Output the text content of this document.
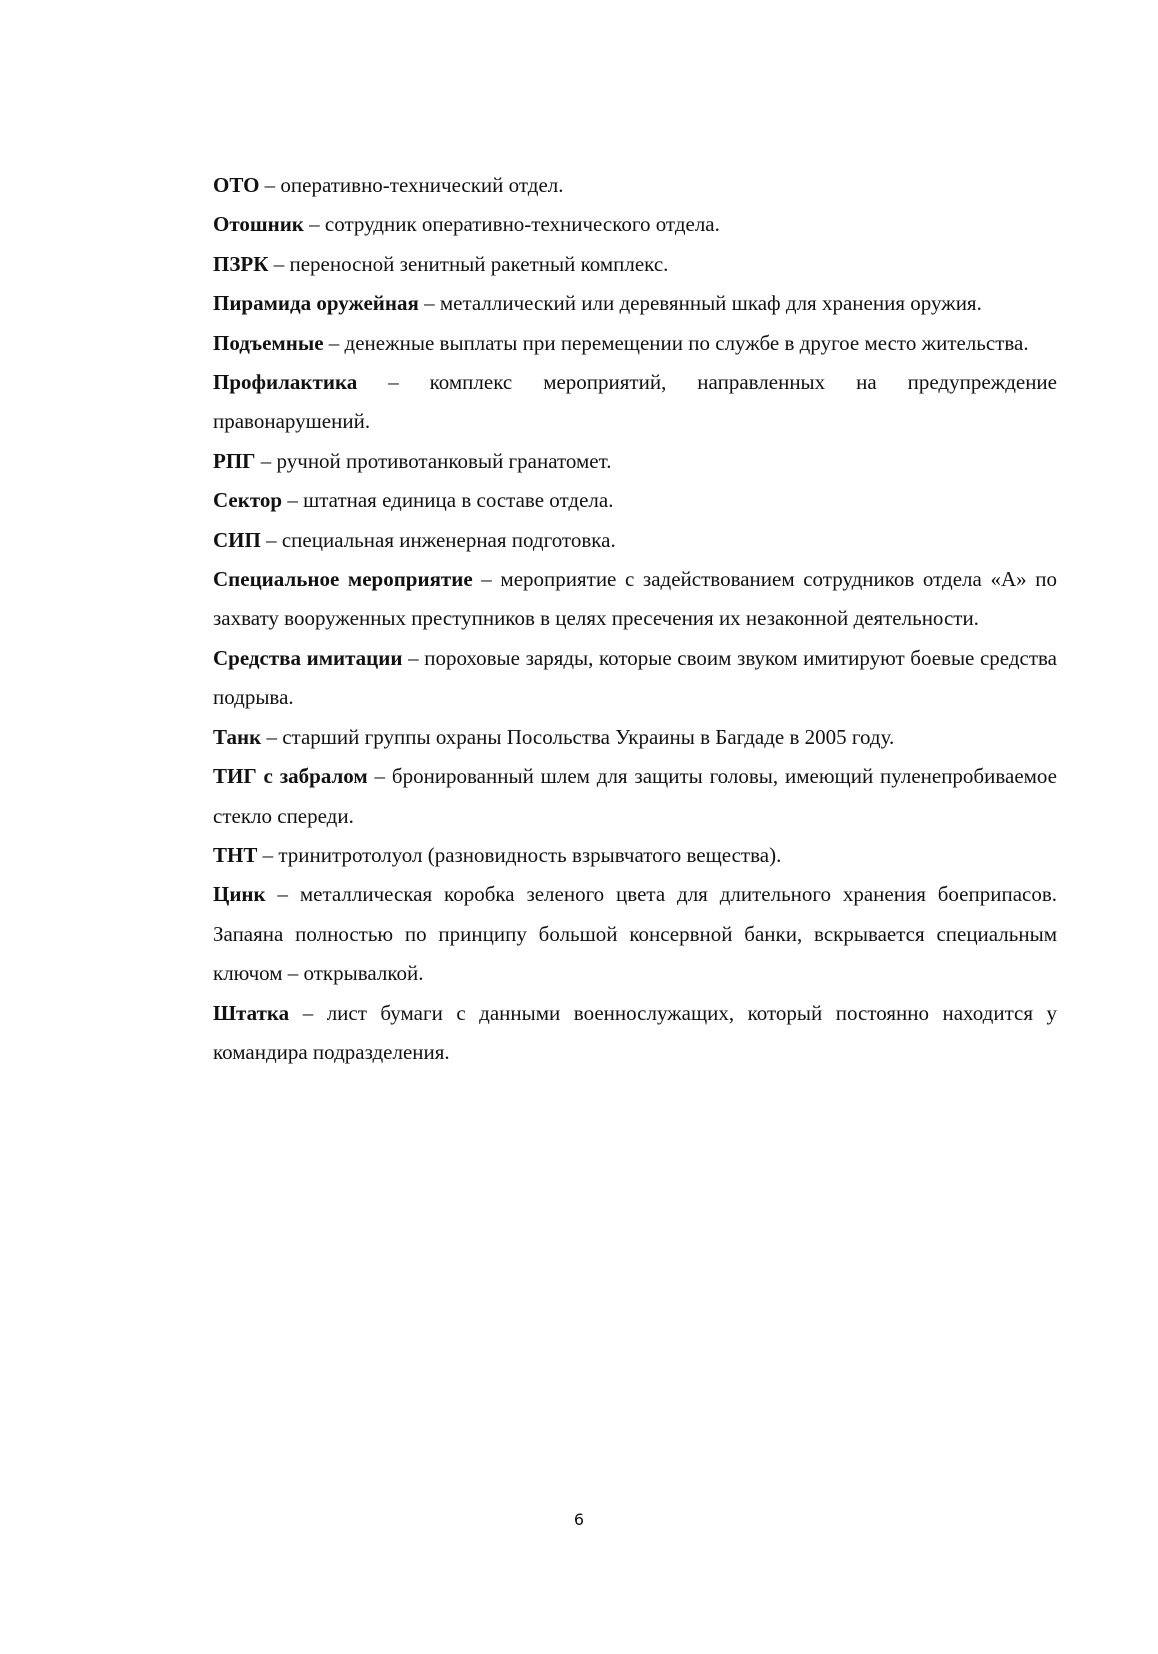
ОТО – оперативно-технический отдел.

Отошник – сотрудник оперативно-технического отдела.

ПЗРК – переносной зенитный ракетный комплекс.

Пирамида оружейная – металлический или деревянный шкаф для хранения оружия.

Подъемные – денежные выплаты при перемещении по службе в другое место жительства.

Профилактика – комплекс мероприятий, направленных на предупреждение правонарушений.

РПГ – ручной противотанковый гранатомет.

Сектор – штатная единица в составе отдела.

СИП – специальная инженерная подготовка.

Специальное мероприятие – мероприятие с задействованием сотрудников отдела «А» по захвату вооруженных преступников в целях пресечения их незаконной деятельности.

Средства имитации – пороховые заряды, которые своим звуком имитируют боевые средства подрыва.

Танк – старший группы охраны Посольства Украины в Багдаде в 2005 году.

ТИГ с забралом – бронированный шлем для защиты головы, имеющий пуленепробиваемое стекло спереди.

ТНТ – тринитротолуол (разновидность взрывчатого вещества).

Цинк – металлическая коробка зеленого цвета для длительного хранения боеприпасов. Запаяна полностью по принципу большой консервной банки, вскрывается специальным ключом – открывалкой.

Штатка – лист бумаги с данными военнослужащих, который постоянно находится у командира подразделения.

6
